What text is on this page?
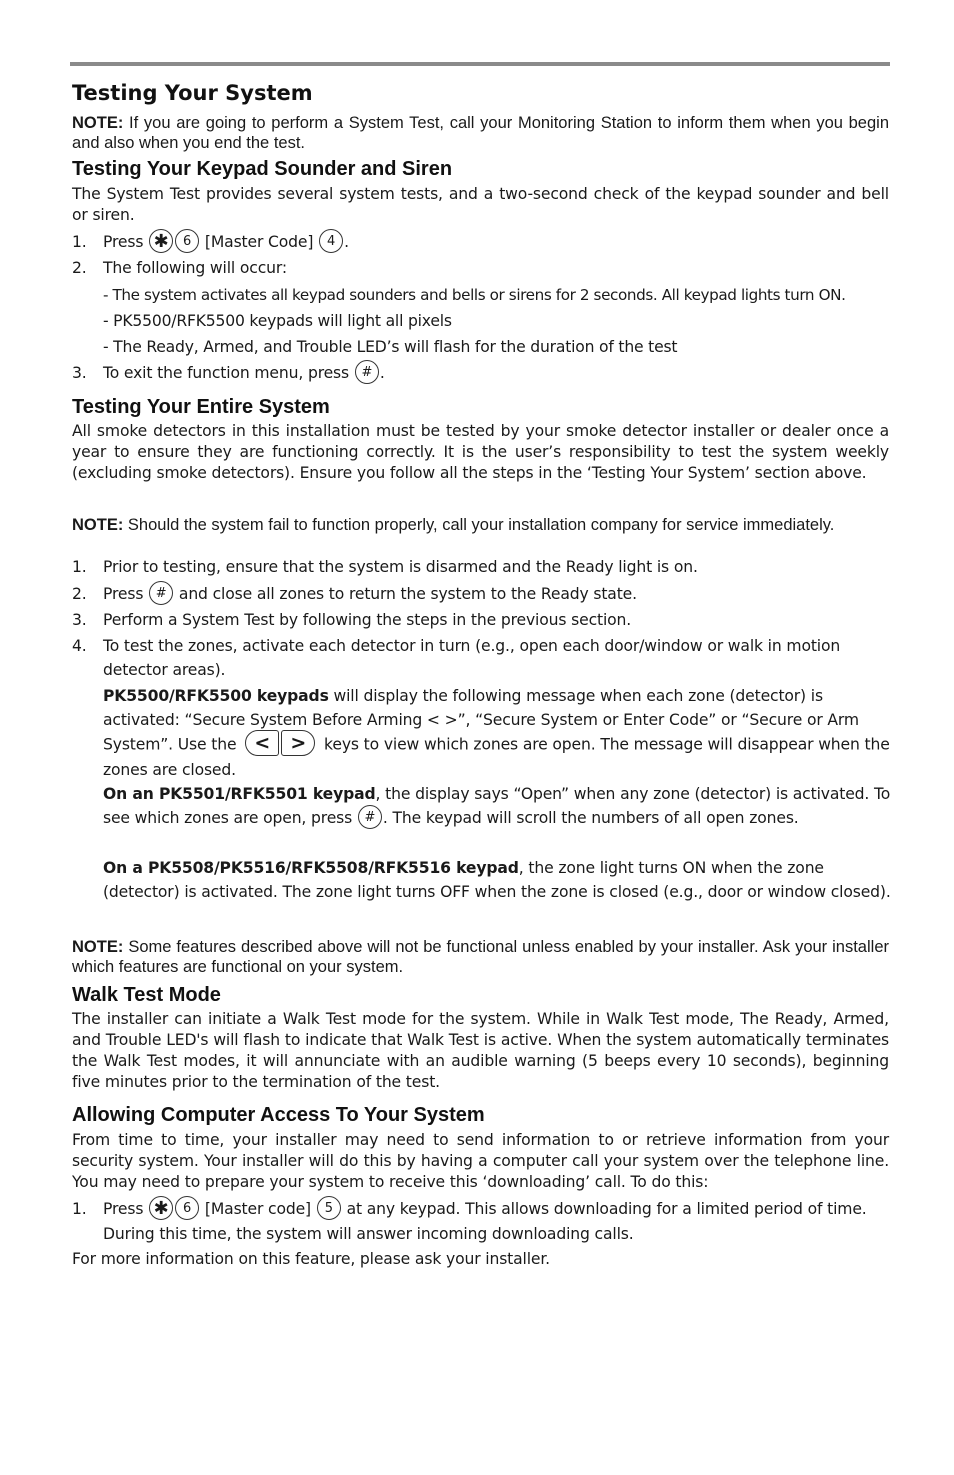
Testing Your System

NOTE: If you are going to perform a System Test, call your Monitoring Station to inform them when you begin and also when you end the test.

Testing Your Keypad Sounder and Siren

The System Test provides several system tests, and a two-second check of the keypad sounder and bell or siren.

1.	Press ✱ 6 [Master Code] 4 .
2.	The following will occur:
- The system activates all keypad sounders and bells or sirens for 2 seconds. All keypad lights turn ON.
- PK5500/RFK5500 keypads will light all pixels
- The Ready, Armed, and Trouble LED’s will flash for the duration of the test
3.	To exit the function menu, press # .
Testing Your Entire System

All smoke detectors in this installation must be tested by your smoke detector installer or dealer once a year to ensure they are functioning correctly. It is the user’s responsibility to test the system weekly (excluding smoke detectors). Ensure you follow all the steps in the ‘Testing Your System’ section above.

NOTE: Should the system fail to function properly, call your installation company for service immediately.

1.	Prior to testing, ensure that the system is disarmed and the Ready light is on.
2.	Press # and close all zones to return the system to the Ready state.
3.	Perform a System Test by following the steps in the previous section.
4.	To test the zones, activate each detector in turn (e.g., open each door/window or walk in motion detector areas).
PK5500/RFK5500 keypads will display the following message when each zone (detector) is activated: “Secure System Before Arming < >”, “Secure System or Enter Code” or “Secure or Arm System”. Use the < > keys to view which zones are open. The message will disappear when the zones are closed.
On an PK5501/RFK5501 keypad, the display says “Open” when any zone (detector) is activated. To see which zones are open, press # . The keypad will scroll the numbers of all open zones.
On a PK5508/PK5516/RFK5508/RFK5516 keypad, the zone light turns ON when the zone (detector) is activated. The zone light turns OFF when the zone is closed (e.g., door or window closed).

NOTE: Some features described above will not be functional unless enabled by your installer. Ask your installer which features are functional on your system.

Walk Test Mode

The installer can initiate a Walk Test mode for the system. While in Walk Test mode, The Ready, Armed, and Trouble LED's will flash to indicate that Walk Test is active. When the system automatically terminates the Walk Test modes, it will annunciate with an audible warning (5 beeps every 10 seconds), beginning five minutes prior to the termination of the test.

Allowing Computer Access To Your System

From time to time, your installer may need to send information to or retrieve information from your security system. Your installer will do this by having a computer call your system over the telephone line. You may need to prepare your system to receive this ‘downloading’ call. To do this:

1.	Press ✱ 6 [Master code] 5 at any keypad. This allows downloading for a limited period of time. During this time, the system will answer incoming downloading calls.
For more information on this feature, please ask your installer.
